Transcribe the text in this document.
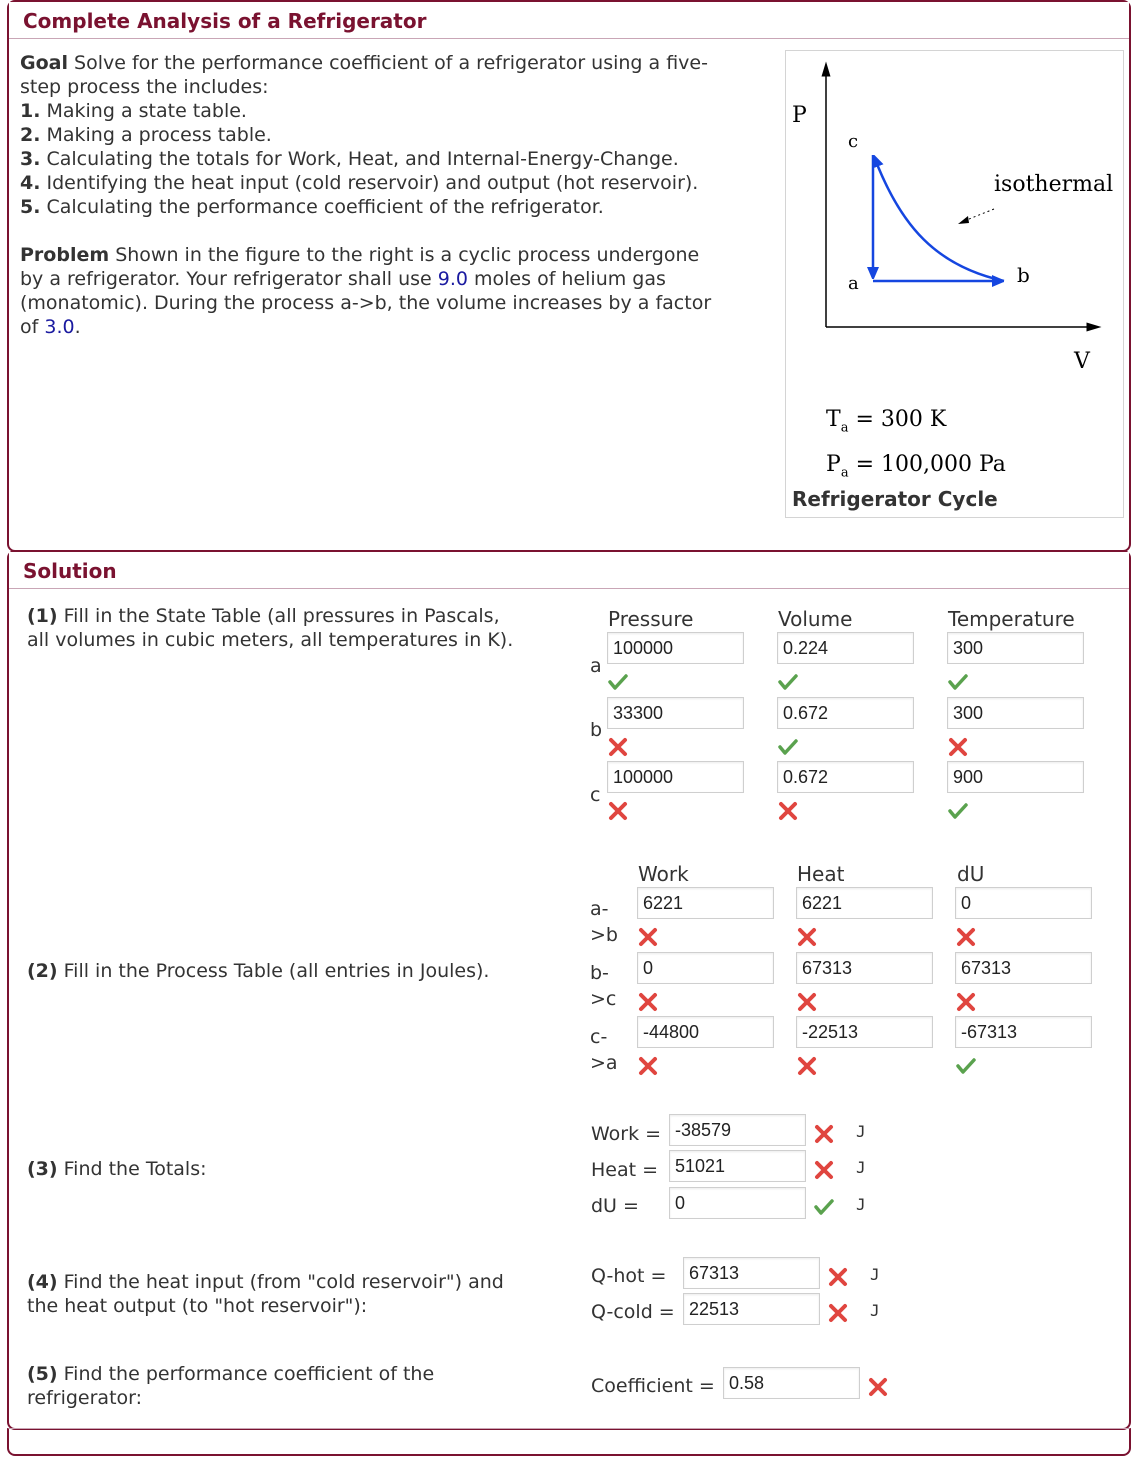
Complete Analysis of a Refrigerator
Goal Solve for the performance coefficient of a refrigerator using a five-
step process the includes:
1. Making a state table.
2. Making a process table.
3. Calculating the totals for Work, Heat, and Internal-Energy-Change.
4. Identifying the heat input (cold reservoir) and output (hot reservoir).
5. Calculating the performance coefficient of the refrigerator.
Problem Shown in the figure to the right is a cyclic process undergone
by a refrigerator. Your refrigerator shall use 9.0 moles of helium gas
(monatomic). During the process a->b, the volume increases by a factor
of 3.0.
P
V
a	b
c
isothermal
$T_a = 300$ K
$P_a = 100,000$ Pa
Refrigerator Cycle
Solution
(1) Fill in the State Table (all pressures in Pascals,
all volumes in cubic meters, all temperatures in K).
Pressure	Volume	Temperature
a
100000	0.224	300
b
33300	0.672	300
c
100000	0.672	900
(2) Fill in the Process Table (all entries in Joules).
Work	Heat	dU
a-
>b
6221	6221	0
b-
>c
0	67313	67313
c-
>a
-44800	-22513	-67313
(3) Find the Totals:
Work = -38579	J
Heat = 51021	J
dU =	0	J
(4) Find the heat input (from "cold reservoir") and
the heat output (to "hot reservoir"):
Q-hot =	67313	J
Q-cold = 22513	J
(5) Find the performance coefficient of the
refrigerator:
Coefficient = 0.58
